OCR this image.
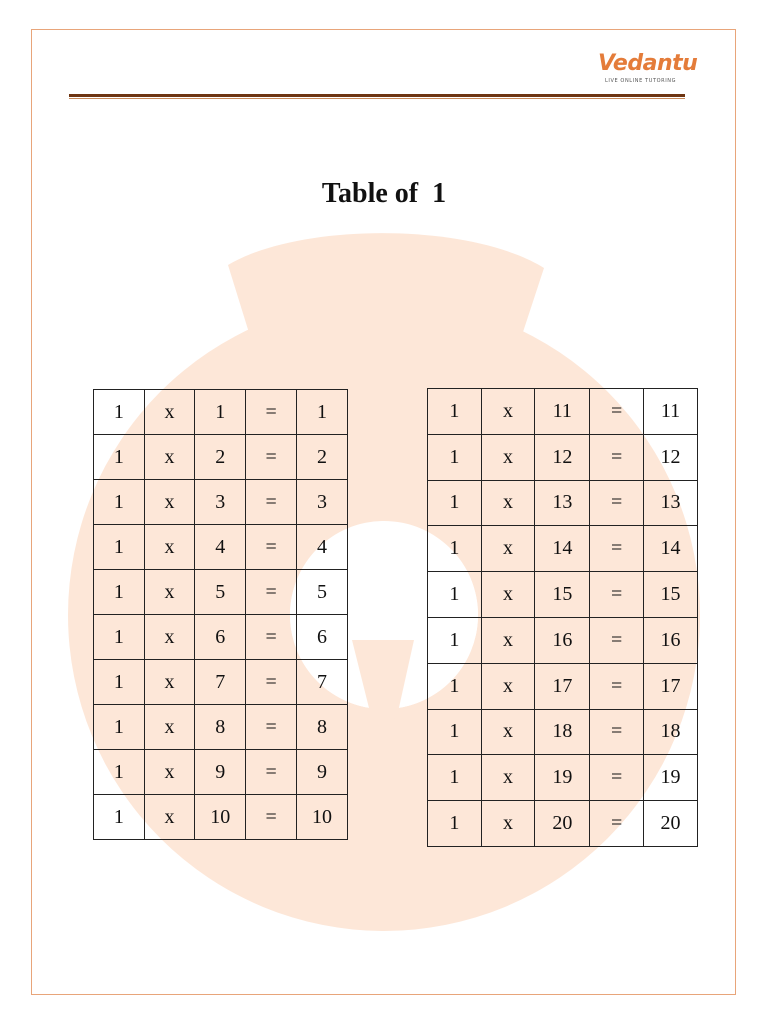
Vedantu
LIVE ONLINE TUTORING
Table of  1
1	x	1	=	1
1	x	2	=	2
1	x	3	=	3
1	x	4	=	4
1	x	5	=	5
1	x	6	=	6
1	x	7	=	7
1	x	8	=	8
1	x	9	=	9
1	x	10	=	10
1	x	11	=	11
1	x	12	=	12
1	x	13	=	13
1	x	14	=	14
1	x	15	=	15
1	x	16	=	16
1	x	17	=	17
1	x	18	=	18
1	x	19	=	19
1	x	20	=	20
